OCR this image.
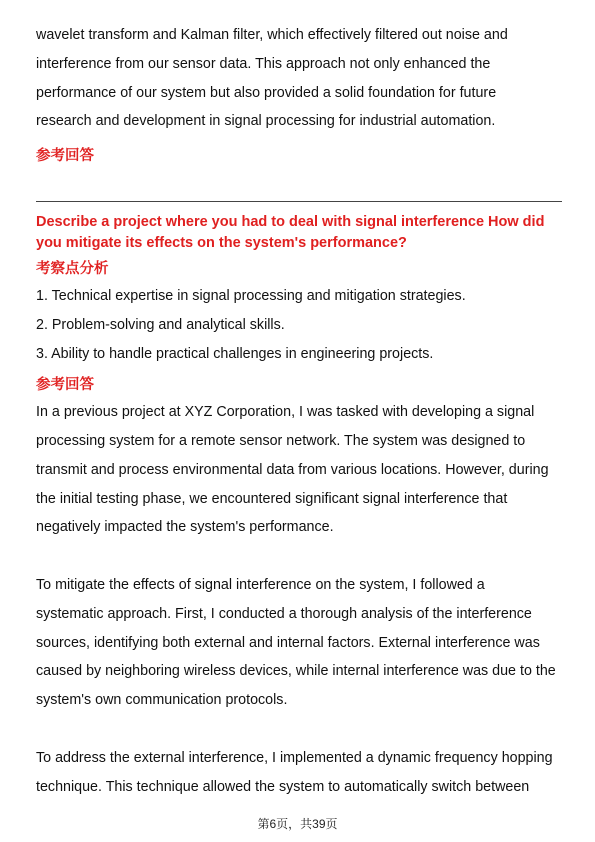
wavelet transform and Kalman filter, which effectively filtered out noise and

interference from our sensor data. This approach not only enhanced the

performance of our system but also provided a solid foundation for future

research and development in signal processing for industrial automation.

参考回答

Describe a project where you had to deal with signal interference How did

you mitigate its effects on the system's performance?

考察点分析

1. Technical expertise in signal processing and mitigation strategies.

2. Problem-solving and analytical skills.

3. Ability to handle practical challenges in engineering projects.

参考回答

In a previous project at XYZ Corporation, I was tasked with developing a signal

processing system for a remote sensor network. The system was designed to

transmit and process environmental data from various locations. However, during

the initial testing phase, we encountered significant signal interference that

negatively impacted the system's performance.

To mitigate the effects of signal interference on the system, I followed a

systematic approach. First, I conducted a thorough analysis of the interference

sources, identifying both external and internal factors. External interference was

caused by neighboring wireless devices, while internal interference was due to the

system's own communication protocols.

To address the external interference, I implemented a dynamic frequency hopping

technique. This technique allowed the system to automatically switch between

第6页，共39页
